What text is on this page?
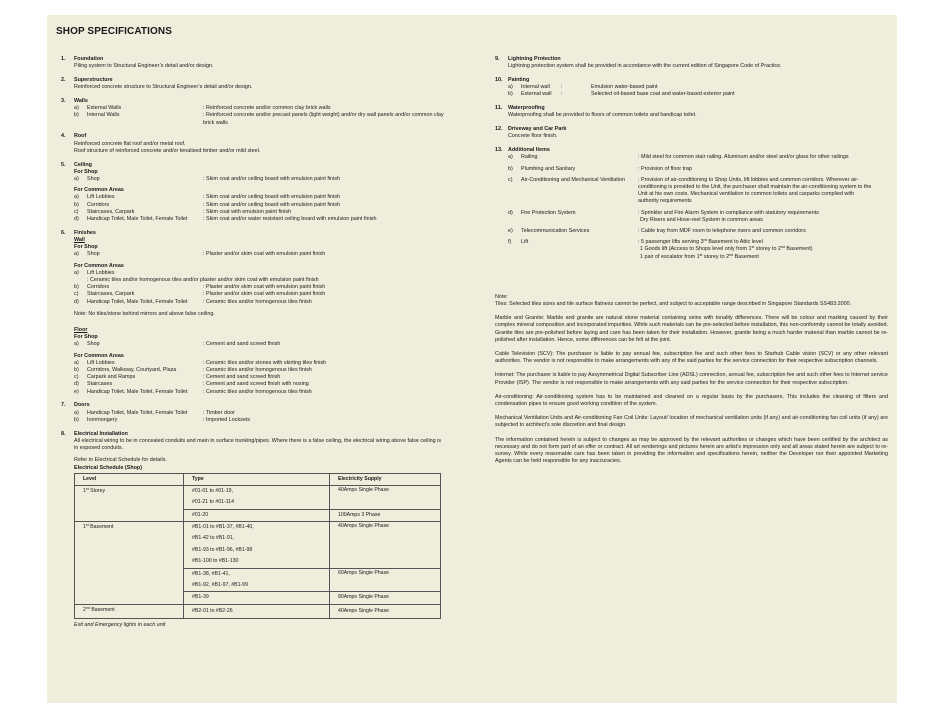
SHOP SPECIFICATIONS
1. Foundation
Piling system to Structural Engineer’s detail and/or design.
2. Superstructure
Reinforced concrete structure to Structural Engineer’s detail and/or design.
3. Walls
a) External Walls	: Reinforced concrete and/or common clay brick walls
b) Internal Walls	: Reinforced concrete and/or precast panels (light weight) and/or dry wall panels and/or common clay brick walls
4. Roof
Reinforced concrete flat roof and/or metal roof.
Roof structure of reinforced concrete and/or tenalised timber and/or mild steel.
5. Ceiling
For Shop
a) Shop	: Skim coat and/or ceiling board with emulsion paint finish
For Common Areas
a) Lift Lobbies	: Skim coat and/or ceiling board with emulsion paint finish
b) Corridors	: Skim coat and/or ceiling board with emulsion paint finish
c) Staircases, Carpark	: Skim coat with emulsion paint finish
d) Handicap Toilet, Male Toilet, Female Toilet	: Skim coat and/or water resistant ceiling board with emulsion paint finish
6. Finishes
Wall
For Shop
a) Shop	: Plaster and/or skim coat with emulsion paint finish
For Common Areas
a) Lift Lobbies: Ceramic tiles and/or homogenous tiles and/or plaster and/or skim coat with emulsion paint finish
b) Corridors	: Plaster and/or skim coat with emulsion paint finish
c) Staircases, Carpark	: Plaster and/or skim coat with emulsion paint finish
d) Handicap Toilet, Male Toilet, Female Toilet	: Ceramic tiles and/or homogenous tiles finish
Note: No tiles/stone behind mirrors and above false ceiling.
Floor
For Shop
a) Shop	: Cement and sand screed finish
For Common Areas
a) Lift Lobbies	: Ceramic tiles and/or stones with skirting tiles finish
b) Corridors, Walkway, Courtyard, Plaza	: Ceramic tiles and/or homogenous tiles finish
c) Carpark and Ramps	: Cement and sand screed finish
d) Staircases	: Cement and sand screed finish with nosing
e) Handicap Toilet, Male Toilet, Female Toilet	: Ceramic tiles and/or homogenous tiles finish
7. Doors
a) Handicap Toilet, Male Toilet, Female Toilet	: Timber door
b) Ironmongery	: Imported Locksets
8. Electrical Installation
All electrical wiring to be in concealed conduits and main in surface trunking/pipes. Where there is a false ceiling, the electrical wiring above false ceiling is in exposed conduits.
Refer to Electrical Schedule for details.
Electrical Schedule (Shop)
Level	Type	Electricity Supply
1st Storey	#01-01 to #01-19,
#01-21 to #01-114	40Amps Single Phase

	#01-20	100Amps 3 Phase
1st Basement	#B1-01 to #B1-37, #B1-40,
#B1-42 to #B1-91,
#B1-93 to #B1-96, #B1-98
#B1-100 to #B1-130	40Amps Single Phase

	#B1-38, #B1-41,
#B1-92, #B1-97, #B1-99	60Amps Single Phase

	#B1-39	80Amps Single Phase
2nd Basement	#B2-01 to #B2-26	40Amps Single Phase
Exit and Emergency lights in each unit
9. Lightning Protection
Lightning protection system shall be provided in accordance with the current edition of Singapore Code of Practice.
10. Painting
a) Internal wall :	Emulsion water-based paint
b) External wall :	Selected oil-based base coat and water-based exterior paint
11. Waterproofing
Waterproofing shall be provided to floors of common toilets and handicap toilet.
12. Driveway and Car Park
Concrete floor finish.
13. Additional Items
a) Railing	: Mild steel for common stair railing. Aluminum and/or steel and/or glass for other railings
b) Plumbing and Sanitary	: Provision of floor trap
c) Air-Conditioning and Mechanical Ventilation : Provision of air-conditioning to Shop Units, lift lobbies and common corridors. Wherever air-conditioning is provided to the Unit, the purchaser shall maintain the air-conditioning system to the Unit at his own costs. Mechanical ventilation to common toilets and carparks complied with authority requirements
d) Fire Protection System	: Sprinkler and Fire Alarm System in compliance with statutory requirements
Dry Risers and Hose-reel System in common areas
e) Telecommunication Services	: Cable tray from MDF room to telephone risers and common corridors
f) Lift	: 5 passenger lifts serving 3rd Basement to Attic level
1 Goods lift (Access to Shops level only from 1st storey to 2nd Basement)
1 pair of escalator from 1st storey to 2nd Basement
Note:

Tiles: Selected tiles sizes and tile surface flatness cannot be perfect, and subject to acceptable range described in Singapore Standards SS483:2000.

Marble and Granite: Marble and granite are natural stone material containing veins with tonality differences. There will be colour and marking caused by their complex mineral composition and incorporated impurities. While such materials can be pre-selected before installation, this non-conformity cannot be totally avoided. Granite tiles are pre-polished before laying and care has been taken for their installation. However, granite being a much harder material than marble cannot be re-polished after installation. Hence, some differences can be felt at the joint.

Cable Television (SCV): The purchaser is liable to pay annual fee, subscription fee and such other fees to Starhub Cable vision (SCV) or any other relevant authorities. The vendor is not responsible to make arrangements with any of the said parties for the service connection for their respective subscription channels.

Internet: The purchaser is liable to pay Assymmetrical Digital Subscriber Line (ADSL) connection, annual fee, subscription fee and such other fees to Internet service Provider (ISP). The vendor is not responsible to make arrangements with any said parties for the service connection for their respective subscription.

Air-conditioning: Air-conditioning system has to be maintained and cleaned on a regular basis by the purchasers. This includes the cleaning of filters and condensation pipes to ensure good working condition of the system.

Mechanical Ventilation Units and Air-conditioning Fan Coil Units: Layout/ location of mechanical ventilation units (if any) and air-conditioning fan coil units (if any) are subjected to architect’s sole discretion and final design.

The information contained herein is subject to changes as may be approved by the relevant authorities or changes which have been certified by the architect as necessary and do not form part of an offer or contract. All art renderings and pictures herein are artist’s impression only and all areas stated herein are subject to re-survey. While every reasonable care has been taken in providing the information and specifications herein, neither the Developer nor their appointed Marketing Agents can be held responsible for any inaccuracies.
